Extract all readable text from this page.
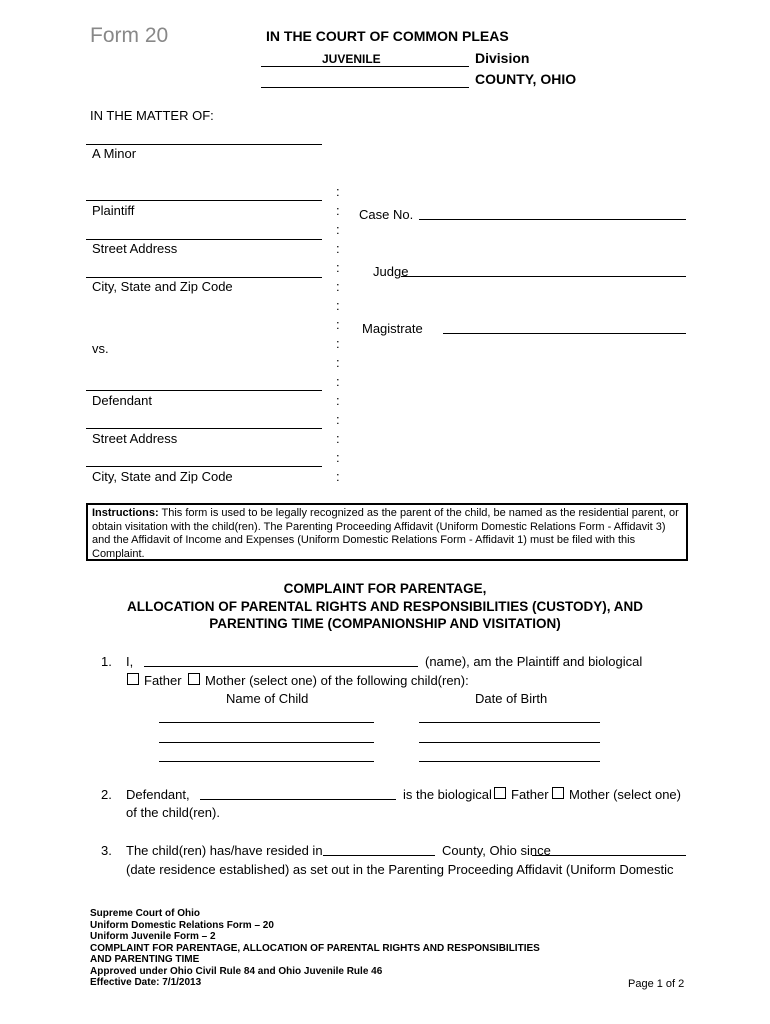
Form 20	IN THE COURT OF COMMON PLEAS
JUVENILE	Division
COUNTY, OHIO
IN THE MATTER OF:
A Minor
Plaintiff
Street Address
City, State and Zip Code
vs.
Defendant
Street Address
City, State and Zip Code
:
:
:
:
:
:
:
:
:
:
:
:
:
:
:
:
Case No.
Judge
Magistrate
Instructions: This form is used to be legally recognized as the parent of the child, be named as the residential parent, or obtain visitation with the child(ren). The Parenting Proceeding Affidavit (Uniform Domestic Relations Form - Affidavit 3) and the Affidavit of Income and Expenses (Uniform Domestic Relations Form - Affidavit 1) must be filed with this Complaint.
COMPLAINT FOR PARENTAGE,
ALLOCATION OF PARENTAL RIGHTS AND RESPONSIBILITIES (CUSTODY), AND
PARENTING TIME (COMPANIONSHIP AND VISITATION)
1. I,	(name), am the Plaintiff and biological
Father Mother (select one) of the following child(ren):
Name of Child	Date of Birth
2. Defendant,	is the biological Father Mother (select one)
of the child(ren).
3. The child(ren) has/have resided in	County, Ohio since
(date residence established) as set out in the Parenting Proceeding Affidavit (Uniform Domestic
Supreme Court of Ohio
Uniform Domestic Relations Form – 20
Uniform Juvenile Form – 2
COMPLAINT FOR PARENTAGE, ALLOCATION OF PARENTAL RIGHTS AND RESPONSIBILITIES
AND PARENTING TIME
Approved under Ohio Civil Rule 84 and Ohio Juvenile Rule 46
Effective Date: 7/1/2013	Page 1 of 2
